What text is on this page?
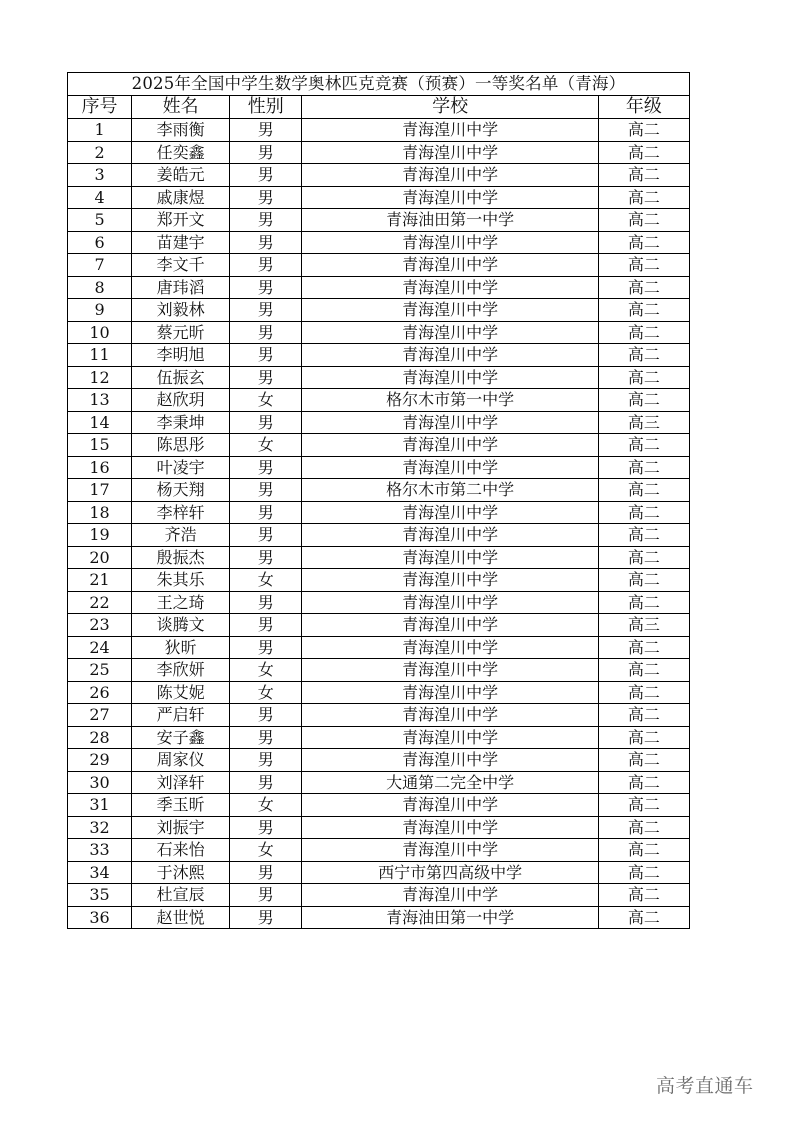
2025年全国中学生数学奥林匹克竞赛（预赛）一等奖名单（青海）				
序号	姓名	性别	学校	年级
1	李雨衡	男	青海湟川中学	高二
2	任奕鑫	男	青海湟川中学	高二
3	姜皓元	男	青海湟川中学	高二
4	戚康煜	男	青海湟川中学	高二
5	郑开文	男	青海油田第一中学	高二
6	苗建宇	男	青海湟川中学	高二
7	李文千	男	青海湟川中学	高二
8	唐玮滔	男	青海湟川中学	高二
9	刘毅林	男	青海湟川中学	高二
10	蔡元昕	男	青海湟川中学	高二
11	李明旭	男	青海湟川中学	高二
12	伍振玄	男	青海湟川中学	高二
13	赵欣玥	女	格尔木市第一中学	高二
14	李秉坤	男	青海湟川中学	高三
15	陈思彤	女	青海湟川中学	高二
16	叶凌宇	男	青海湟川中学	高二
17	杨天翔	男	格尔木市第二中学	高二
18	李梓轩	男	青海湟川中学	高二
19	齐浩	男	青海湟川中学	高二
20	殷振杰	男	青海湟川中学	高二
21	朱其乐	女	青海湟川中学	高二
22	王之琦	男	青海湟川中学	高二
23	谈腾文	男	青海湟川中学	高三
24	狄昕	男	青海湟川中学	高二
25	李欣妍	女	青海湟川中学	高二
26	陈艾妮	女	青海湟川中学	高二
27	严启轩	男	青海湟川中学	高二
28	安子鑫	男	青海湟川中学	高二
29	周家仪	男	青海湟川中学	高二
30	刘泽轩	男	大通第二完全中学	高二
31	季玉昕	女	青海湟川中学	高二
32	刘振宇	男	青海湟川中学	高二
33	石来怡	女	青海湟川中学	高二
34	于沐熙	男	西宁市第四高级中学	高二
35	杜宣辰	男	青海湟川中学	高二
36	赵世悦	男	青海油田第一中学	高二
高考直通车
